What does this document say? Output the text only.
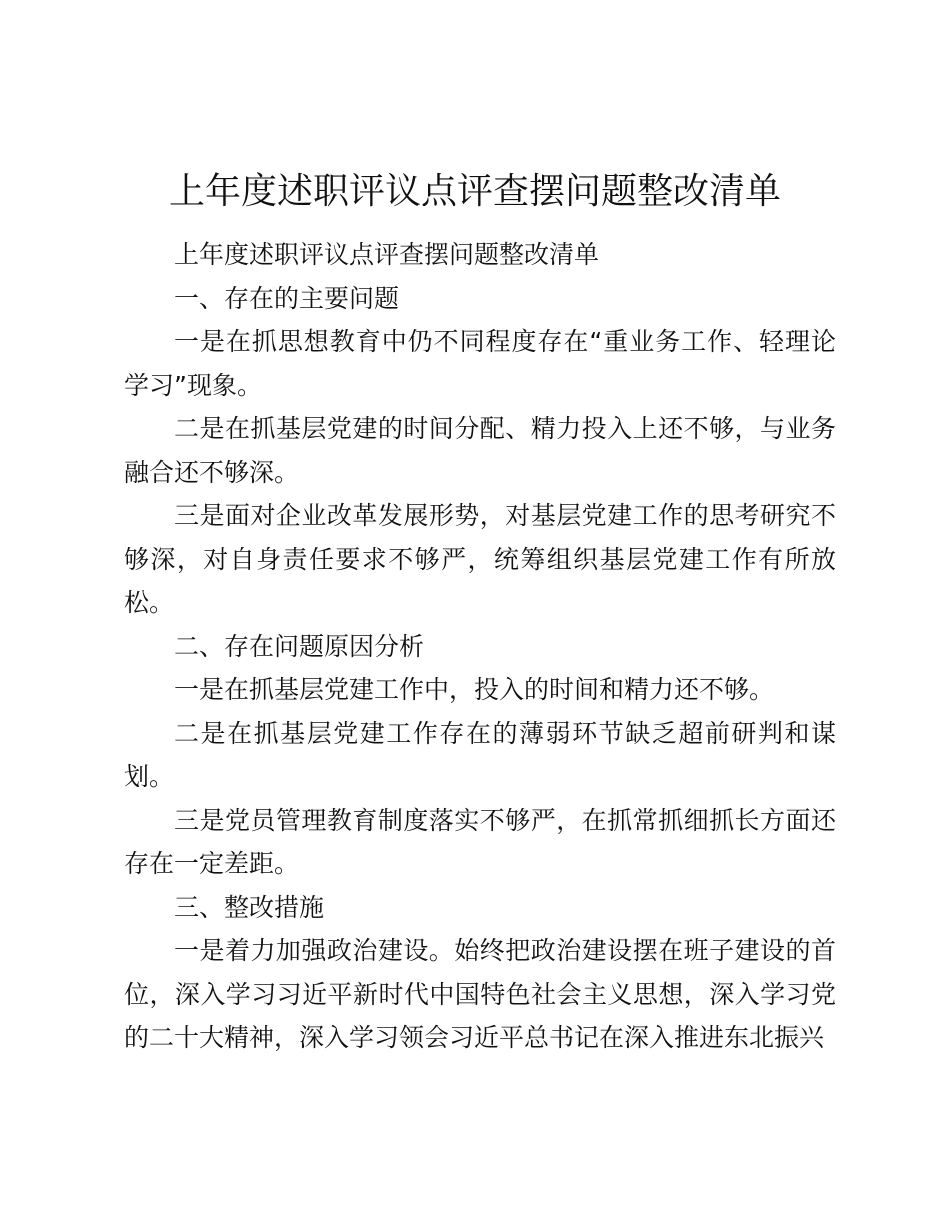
上年度述职评议点评查摆问题整改清单

上年度述职评议点评查摆问题整改清单

一、存在的主要问题

一是在抓思想教育中仍不同程度存在“重业务工作、轻理论学习”现象。

二是在抓基层党建的时间分配、精力投入上还不够，与业务融合还不够深。

三是面对企业改革发展形势，对基层党建工作的思考研究不够深，对自身责任要求不够严，统筹组织基层党建工作有所放松。

二、存在问题原因分析

一是在抓基层党建工作中，投入的时间和精力还不够。

二是在抓基层党建工作存在的薄弱环节缺乏超前研判和谋划。

三是党员管理教育制度落实不够严，在抓常抓细抓长方面还存在一定差距。

三、整改措施

一是着力加强政治建设。始终把政治建设摆在班子建设的首位，深入学习习近平新时代中国特色社会主义思想，深入学习党的二十大精神，深入学习领会习近平总书记在深入推进东北振兴
